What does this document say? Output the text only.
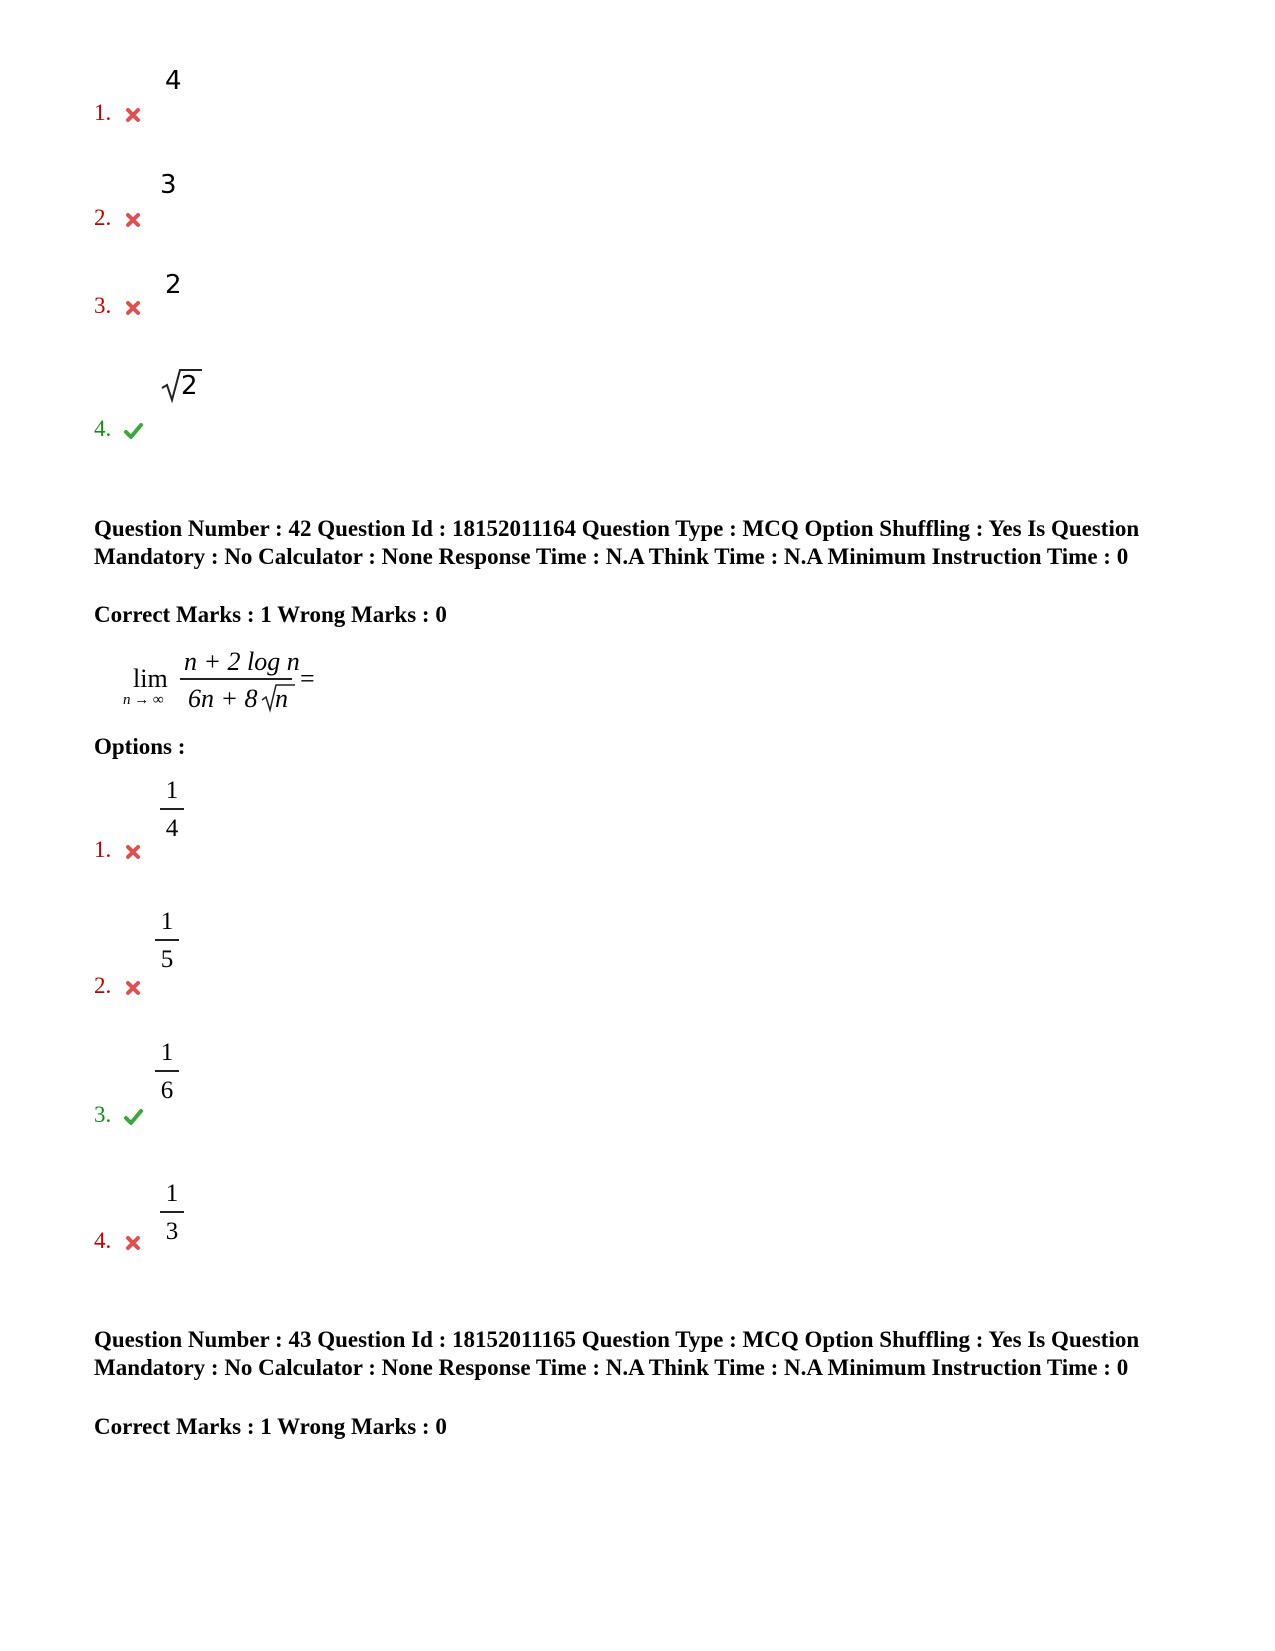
4
1.
3
2.
2
3.
2
4.
Question Number : 42 Question Id : 18152011164 Question Type : MCQ Option Shuffling : Yes Is Question Mandatory : No Calculator : None Response Time : N.A Think Time : N.A Minimum Instruction Time : 0
Correct Marks : 1 Wrong Marks : 0
lim
n → ∞
n + 2 log n
6n + 8 n
=
Options :
1
4
1.
1
5
2.
1
6
3.
1
3
4.
Question Number : 43 Question Id : 18152011165 Question Type : MCQ Option Shuffling : Yes Is Question Mandatory : No Calculator : None Response Time : N.A Think Time : N.A Minimum Instruction Time : 0
Correct Marks : 1 Wrong Marks : 0
